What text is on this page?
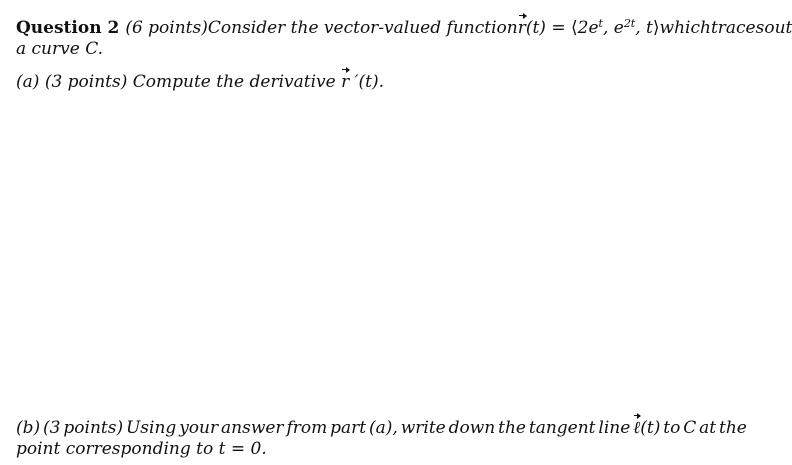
Question 2 (6 points) Consider the vector-valued function $r(t) = ⟨2e^t$, $e^{2t}$, t⟩ which traces out
a curve C.
(a) (3 points) Compute the derivative r ′(t).
(b) (3 points) Using your answer from part (a), write down the tangent line ℓ(t) to C at the
point corresponding to t = 0.
